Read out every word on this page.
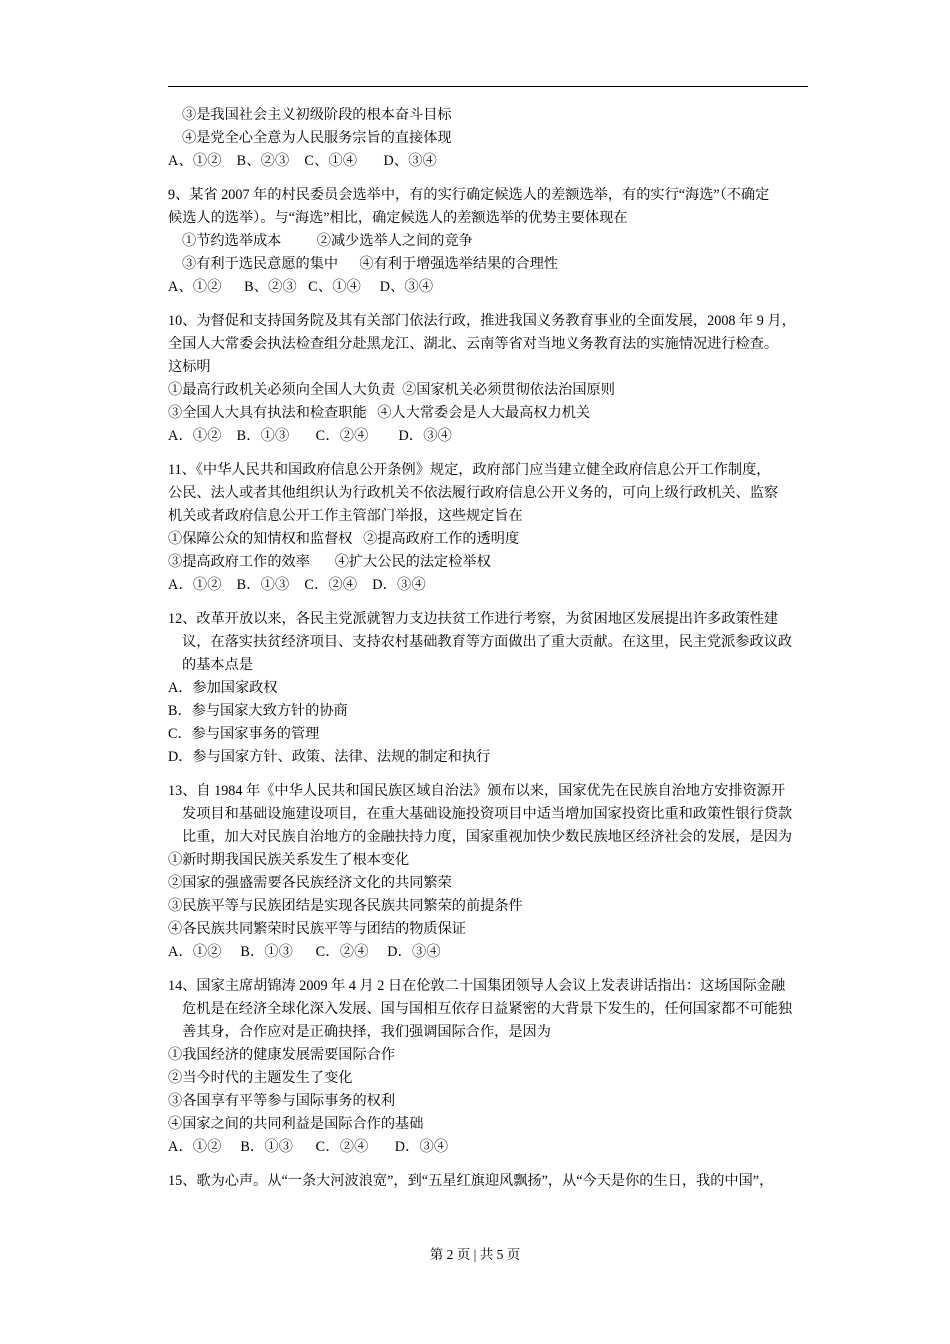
③是我国社会主义初级阶段的根本奋斗目标

④是党全心全意为人民服务宗旨的直接体现

A、①②    B、②③    C、①④       D、③④

9、某省 2007 年的村民委员会选举中，有的实行确定候选人的差额选举，有的实行“海选”（不确定

候选人的选举）。与“海选”相比，确定候选人的差额选举的优势主要体现在

①节约选举成本          ②减少选举人之间的竞争

③有利于选民意愿的集中      ④有利于增强选举结果的合理性

A、①②      B、②③   C、①④     D、③④

10、为督促和支持国务院及其有关部门依法行政，推进我国义务教育事业的全面发展，2008 年 9 月，

全国人大常委会执法检查组分赴黑龙江、湖北、云南等省对当地义务教育法的实施情况进行检查。

这标明

①最高行政机关必须向全国人大负责  ②国家机关必须贯彻依法治国原则

③全国人大具有执法和检查职能   ④人大常委会是人大最高权力机关

A．①②    B．①③       C．②④        D．③④

11、《中华人民共和国政府信息公开条例》规定，政府部门应当建立健全政府信息公开工作制度，

公民、法人或者其他组织认为行政机关不依法履行政府信息公开义务的，可向上级行政机关、监察

机关或者政府信息公开工作主管部门举报，这些规定旨在

①保障公众的知情权和监督权   ②提高政府工作的透明度

③提高政府工作的效率       ④扩大公民的法定检举权

A．①②    B．①③    C．②④    D．③④

12、改革开放以来，各民主党派就智力支边扶贫工作进行考察，为贫困地区发展提出许多政策性建

议，在落实扶贫经济项目、支持农村基础教育等方面做出了重大贡献。在这里，民主党派参政议政

的基本点是

A．参加国家政权

B．参与国家大致方针的协商

C．参与国家事务的管理

D．参与国家方针、政策、法律、法规的制定和执行

13、自 1984 年《中华人民共和国民族区域自治法》颁布以来，国家优先在民族自治地方安排资源开

发项目和基础设施建设项目，在重大基础设施投资项目中适当增加国家投资比重和政策性银行贷款

比重，加大对民族自治地方的金融扶持力度，国家重视加快少数民族地区经济社会的发展，是因为

①新时期我国民族关系发生了根本变化

②国家的强盛需要各民族经济文化的共同繁荣

③民族平等与民族团结是实现各民族共同繁荣的前提条件

④各民族共同繁荣时民族平等与团结的物质保证

A．①②     B．①③      C．②④     D．③④

14、国家主席胡锦涛 2009 年 4 月 2 日在伦敦二十国集团领导人会议上发表讲话指出：这场国际金融

危机是在经济全球化深入发展、国与国相互依存日益紧密的大背景下发生的，任何国家都不可能独

善其身，合作应对是正确抉择，我们强调国际合作，是因为

①我国经济的健康发展需要国际合作

②当今时代的主题发生了变化

③各国享有平等参与国际事务的权利

④国家之间的共同利益是国际合作的基础

A．①②     B．①③      C．②④       D．③④

15、歌为心声。从“一条大河波浪宽”，到“五星红旗迎风飘扬”，从“今天是你的生日，我的中国”，

第 2 页 | 共 5 页
